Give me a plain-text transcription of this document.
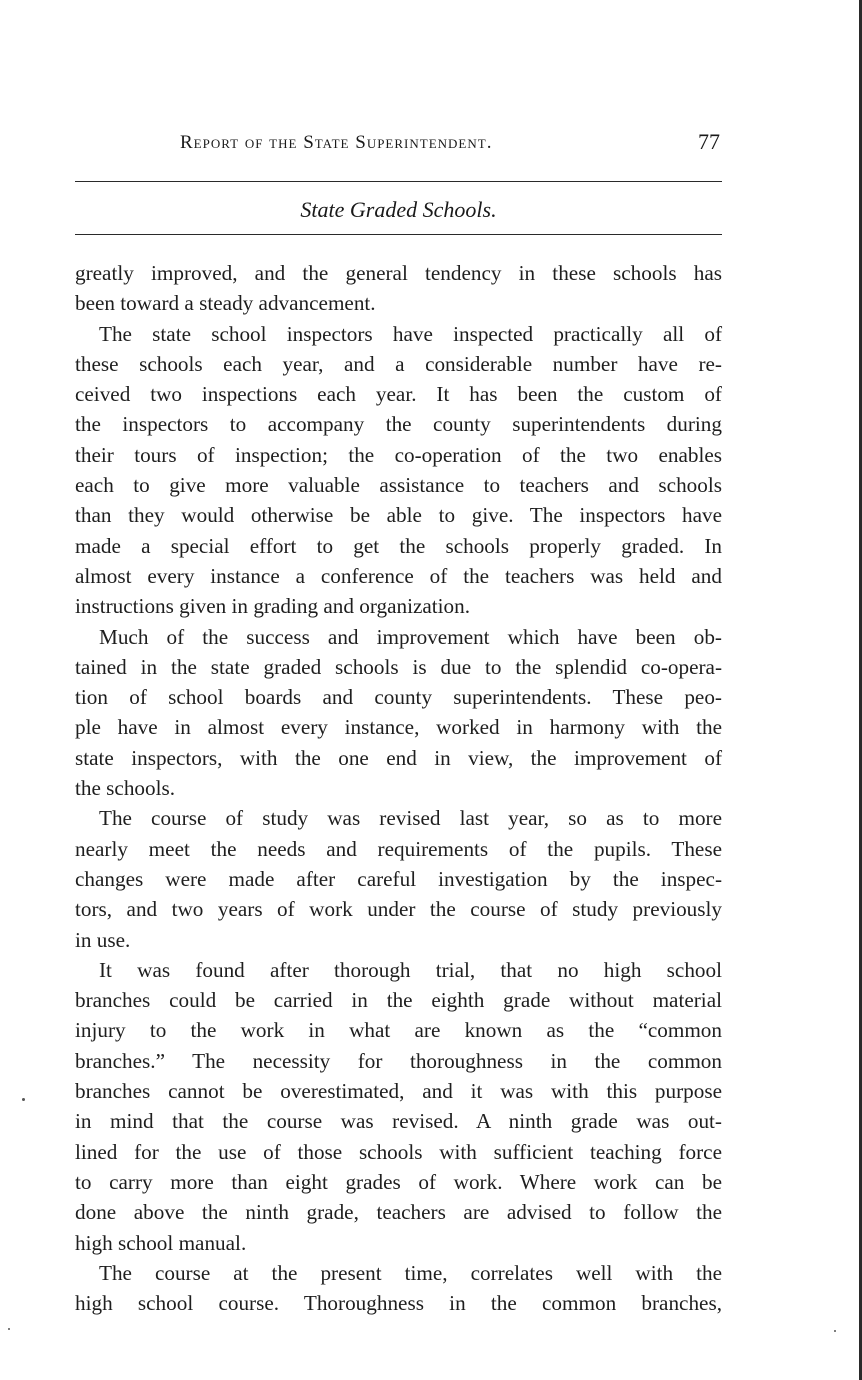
Report of the State Superintendent.	77
State Graded Schools.
greatly improved, and the general tendency in these schools has
been toward a steady advancement.
The state school inspectors have inspected practically all of
these schools each year, and a considerable number have re-
ceived two inspections each year. It has been the custom of
the inspectors to accompany the county superintendents during
their tours of inspection; the co-operation of the two enables
each to give more valuable assistance to teachers and schools
than they would otherwise be able to give. The inspectors have
made a special effort to get the schools properly graded. In
almost every instance a conference of the teachers was held and
instructions given in grading and organization.
Much of the success and improvement which have been ob-
tained in the state graded schools is due to the splendid co-opera-
tion of school boards and county superintendents. These peo-
ple have in almost every instance, worked in harmony with the
state inspectors, with the one end in view, the improvement of
the schools.
The course of study was revised last year, so as to more
nearly meet the needs and requirements of the pupils. These
changes were made after careful investigation by the inspec-
tors, and two years of work under the course of study previously
in use.
It was found after thorough trial, that no high school
branches could be carried in the eighth grade without material
injury to the work in what are known as the “common
branches.” The necessity for thoroughness in the common
branches cannot be overestimated, and it was with this purpose
in mind that the course was revised. A ninth grade was out-
lined for the use of those schools with sufficient teaching force
to carry more than eight grades of work. Where work can be
done above the ninth grade, teachers are advised to follow the
high school manual.
The course at the present time, correlates well with the
high school course. Thoroughness in the common branches,
